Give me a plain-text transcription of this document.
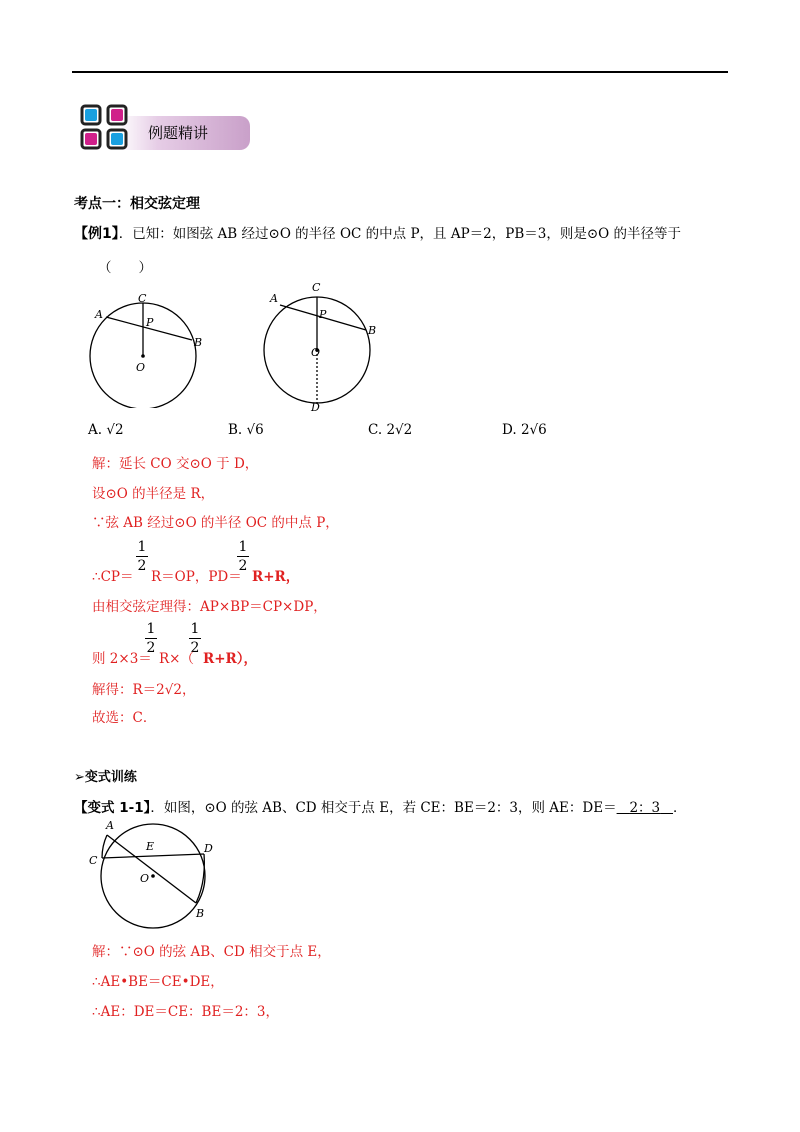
例题精讲
考点一：相交弦定理
【例1】．已知：如图弦 AB 经过⊙O 的半径 OC 的中点 P，且 AP＝2，PB＝3，则是⊙O 的半径等于
（　　）
C
A
P
B
O
C
A
P
B
O
D
A. √2	B. √6	C. 2√2	D. 2√6
解：延长 CO 交⊙O 于 D，
设⊙O 的半径是 R，
∵弦 AB 经过⊙O 的半径 OC 的中点 P，
1
2
1
2
∴CP＝ R＝OP，PD＝ R+R，
由相交弦定理得：AP×BP＝CP×DP，
1
2
1
2
则 2×3＝ R×（ R+R），
解得：R＝2√2，
故选：C．
➢变式训练
【变式 1-1】．如图，⊙O 的弦 AB、CD 相交于点 E，若 CE：BE＝2：3，则 AE：DE＝ 2：3 ．
A
C
E	D
O
B
解：∵⊙O 的弦 AB、CD 相交于点 E，
∴AE•BE＝CE•DE，
∴AE：DE＝CE：BE＝2：3，
